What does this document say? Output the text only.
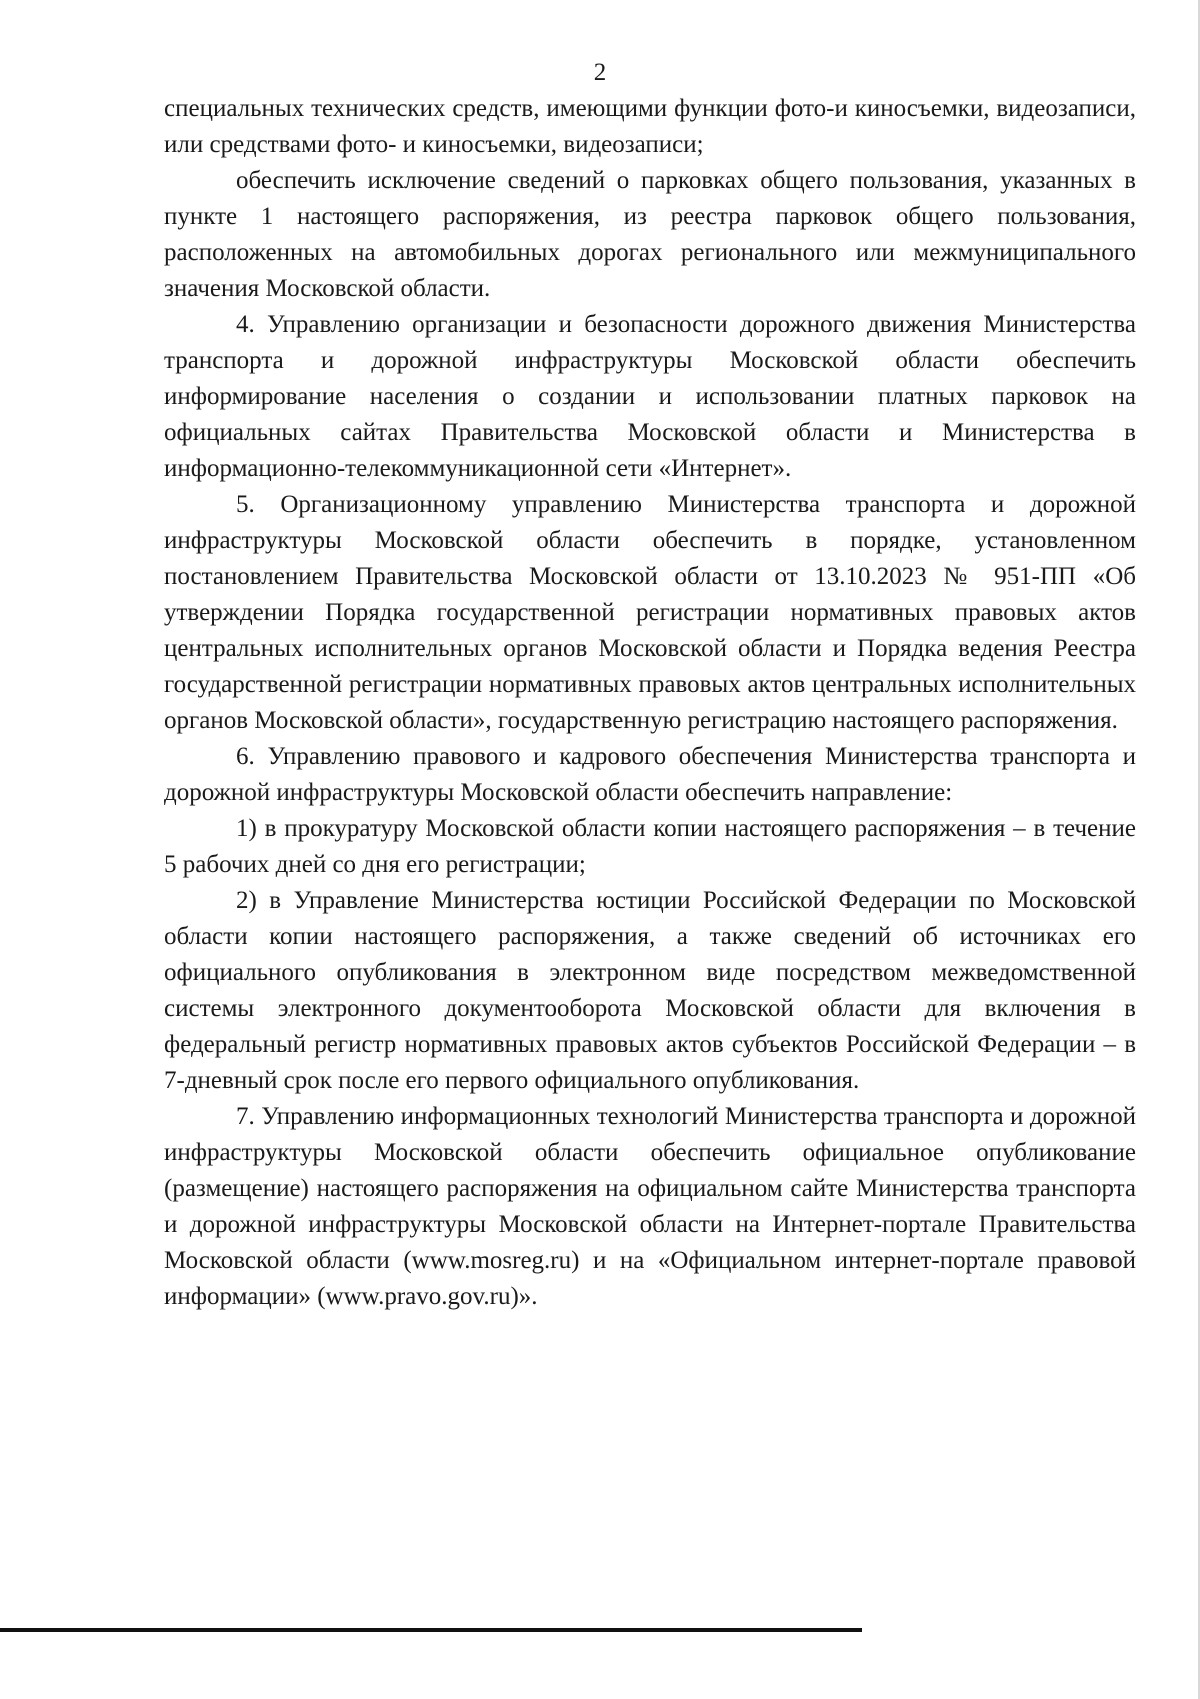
2

специальных технических средств, имеющими функции фото-и киносъемки, видеозаписи, или средствами фото- и киносъемки, видеозаписи;

обеспечить исключение сведений о парковках общего пользования, указанных в пункте 1 настоящего распоряжения, из реестра парковок общего пользования, расположенных на автомобильных дорогах регионального или межмуниципального значения Московской области.

4. Управлению организации и безопасности дорожного движения Министерства транспорта и дорожной инфраструктуры Московской области обеспечить информирование населения о создании и использовании платных парковок на официальных сайтах Правительства Московской области и Министерства в информационно-телекоммуникационной сети «Интернет».

5. Организационному управлению Министерства транспорта и дорожной инфраструктуры Московской области обеспечить в порядке, установленном постановлением Правительства Московской области от 13.10.2023 № 951-ПП «Об утверждении Порядка государственной регистрации нормативных правовых актов центральных исполнительных органов Московской области и Порядка ведения Реестра государственной регистрации нормативных правовых актов центральных исполнительных органов Московской области», государственную регистрацию настоящего распоряжения.

6. Управлению правового и кадрового обеспечения Министерства транспорта и дорожной инфраструктуры Московской области обеспечить направление:

1) в прокуратуру Московской области копии настоящего распоряжения – в течение 5 рабочих дней со дня его регистрации;

2) в Управление Министерства юстиции Российской Федерации по Московской области копии настоящего распоряжения, а также сведений об источниках его официального опубликования в электронном виде посредством межведомственной системы электронного документооборота Московской области для включения в федеральный регистр нормативных правовых актов субъектов Российской Федерации – в 7-дневный срок после его первого официального опубликования.

7. Управлению информационных технологий Министерства транспорта и дорожной инфраструктуры Московской области обеспечить официальное опубликование (размещение) настоящего распоряжения на официальном сайте Министерства транспорта и дорожной инфраструктуры Московской области на Интернет-портале Правительства Московской области (www.mosreg.ru) и на «Официальном интернет-портале правовой информации» (www.pravo.gov.ru)».
